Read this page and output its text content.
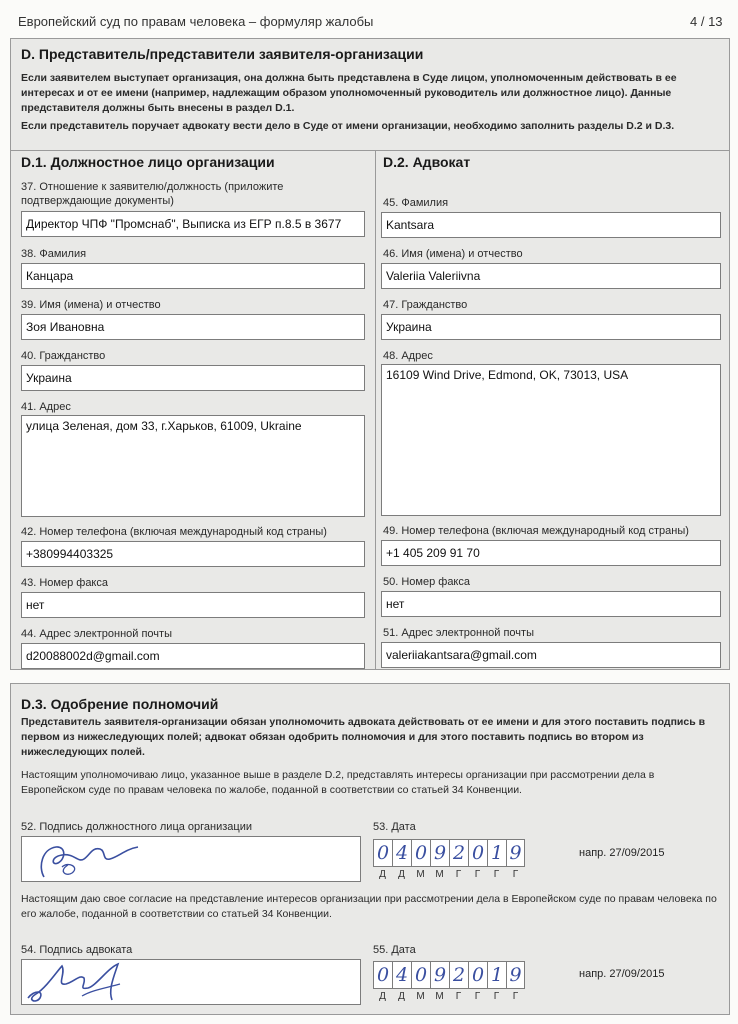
Европейский суд по правам человека – формуляр жалобы	4 / 13
D. Представитель/представители заявителя-организации

Если заявителем выступает организация, она должна быть представлена в Суде лицом, уполномоченным действовать в ее интересах и от ее имени (например, надлежащим образом уполномоченный руководитель или должностное лицо). Данные представителя должны быть внесены в раздел D.1.

Если представитель поручает адвокату вести дело в Суде от имени организации, необходимо заполнить разделы D.2 и D.3.

D.1. Должностное лицо организации
37. Отношение к заявителю/должность (приложите подтверждающие документы)
Директор ЧПФ "Промснаб", Выписка из ЕГР п.8.5 в 3677
38. Фамилия
Канцара
39. Имя (имена) и отчество
Зоя Ивановна
40. Гражданство
Украина
41. Адрес
улица Зеленая, дом 33, г.Харьков, 61009, Ukraine
42. Номер телефона (включая международный код страны)
+380994403325
43. Номер факса
нет
44. Адрес электронной почты
d20088002d@gmail.com
D.2. Адвокат
45. Фамилия
Kantsara
46. Имя (имена) и отчество
Valeriia Valeriivna
47. Гражданство
Украина
48. Адрес
16109 Wind Drive, Edmond, OK, 73013, USA
49. Номер телефона (включая международный код страны)
+1 405 209 91 70
50. Номер факса
нет
51. Адрес электронной почты
valeriiakantsara@gmail.com
D.3. Одобрение полномочий
Представитель заявителя-организации обязан уполномочить адвоката действовать от ее имени и для этого поставить подпись в первом из нижеследующих полей; адвокат обязан одобрить полномочия и для этого поставить подпись во втором из нижеследующих полей.
Настоящим уполномочиваю лицо, указанное выше в разделе D.2, представлять интересы организации при рассмотрении дела в Европейском суде по правам человека по жалобе, поданной в соответствии со статьей 34 Конвенции.
52. Подпись должностного лица организации	53. Дата
0 4 0 9 2 0 1 9
Д	Д	М	М	Г	Г	Г	Г
напр. 27/09/2015
Настоящим даю свое согласие на представление интересов организации при рассмотрении дела в Европейском суде по правам человека по его жалобе, поданной в соответствии со статьей 34 Конвенции.
54. Подпись адвоката	55. Дата
0 4 0 9 2 0 1 9
Д	Д	М	М	Г	Г	Г	Г
напр. 27/09/2015
